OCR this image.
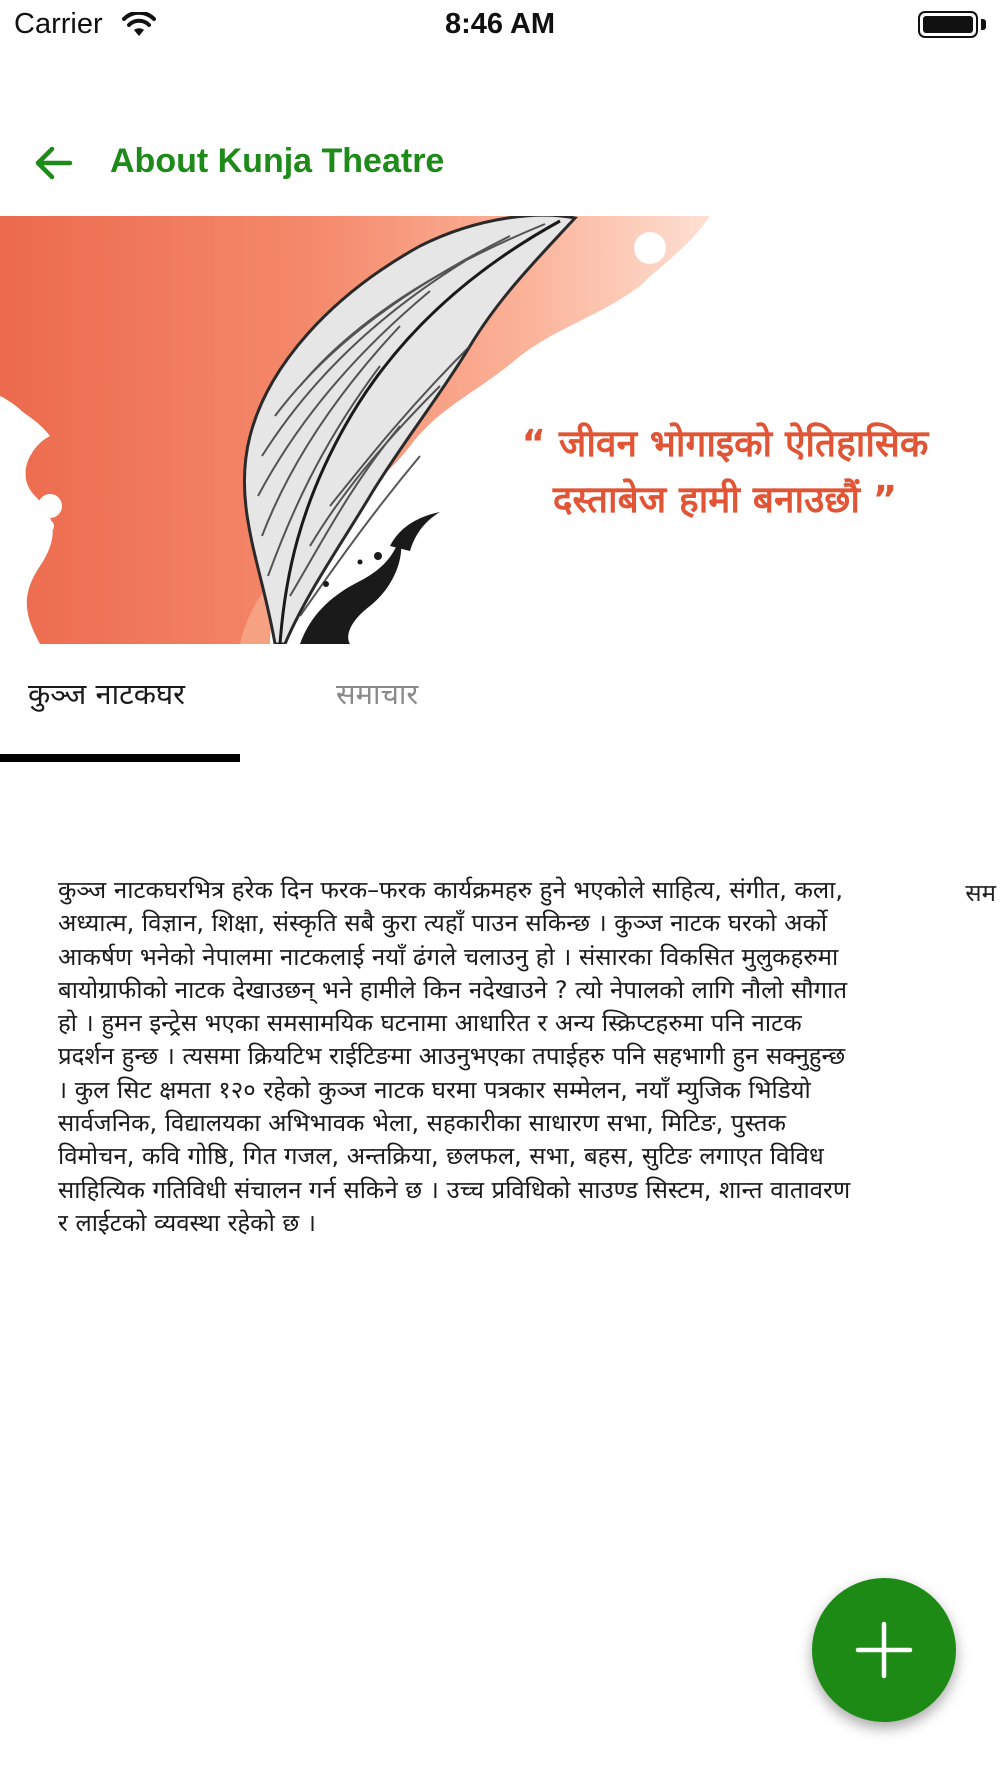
Carrier	8:46 AM
About Kunja Theatre
“ जीवन भोगाइको ऐतिहासिक
दस्ताबेज हामी बनाउछौं ”
कुञ्ज नाटकघर	समाचार
कुञ्ज नाटकघरभित्र हरेक दिन फरक–फरक कार्यक्रमहरु हुने भएकोले साहित्य, संगीत, कला, अध्यात्म, विज्ञान, शिक्षा, संस्कृति सबै कुरा त्यहाँ पाउन सकिन्छ । कुञ्ज नाटक घरको अर्को आकर्षण भनेको नेपालमा नाटकलाई नयाँ ढंगले चलाउनु हो । संसारका विकसित मुलुकहरुमा बायोग्राफीको नाटक देखाउछन् भने हामीले किन नदेखाउने ? त्यो नेपालको लागि नौलो सौगात हो । हुमन इन्ट्रेस भएका समसामयिक घटनामा आधारित र अन्य स्क्रिप्टहरुमा पनि नाटक प्रदर्शन हुन्छ । त्यसमा क्रियटिभ राईटिङमा आउनुभएका तपाईहरु पनि सहभागी हुन सक्नुहुन्छ । कुल सिट क्षमता १२० रहेको कुञ्ज नाटक घरमा पत्रकार सम्मेलन, नयाँ म्युजिक भिडियो सार्वजनिक, विद्यालयका अभिभावक भेला, सहकारीका साधारण सभा, मिटिङ, पुस्तक विमोचन, कवि गोष्ठि, गित गजल, अन्तक्रिया, छलफल, सभा, बहस, सुटिङ लगाएत विविध साहित्यिक गतिविधी संचालन गर्न सकिने छ । उच्च प्रविधिको साउण्ड सिस्टम, शान्त वातावरण र लाईटको व्यवस्था रहेको छ ।
सम
